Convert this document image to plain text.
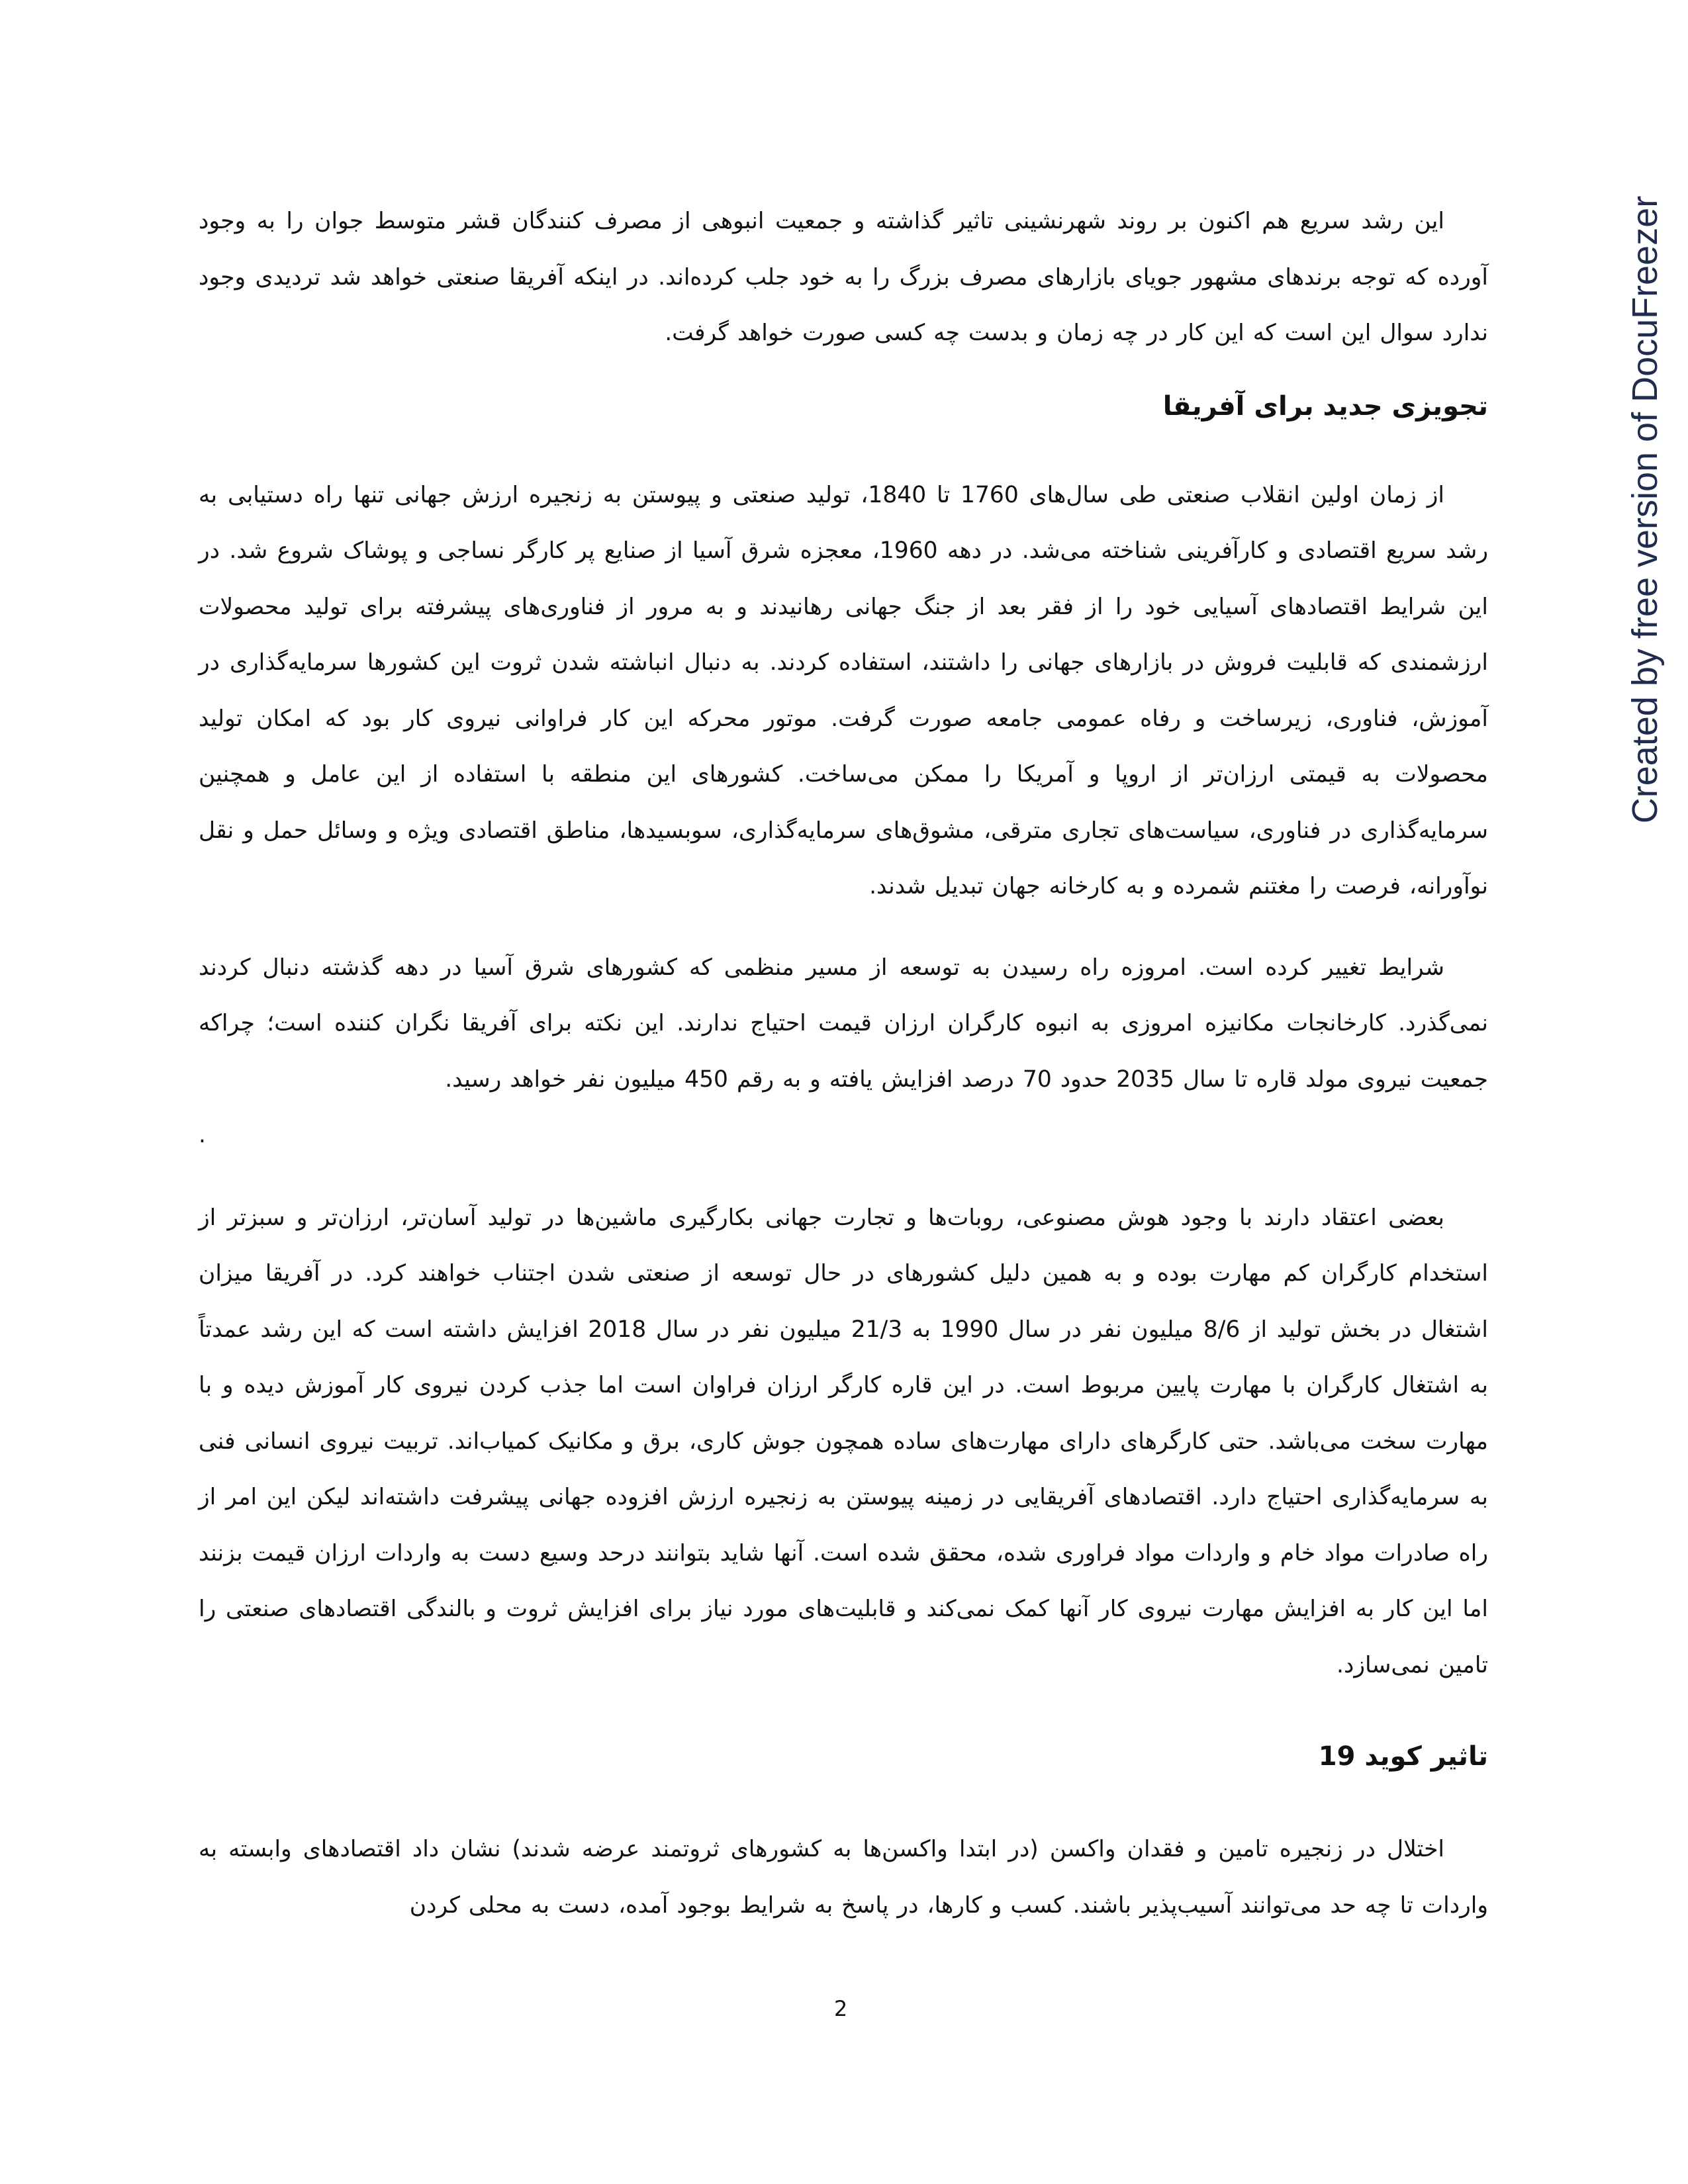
این رشد سریع هم اکنون بر روند شهرنشینی تاثیر گذاشته و جمعیت انبوهی از مصرف کنندگان قشر متوسط جوان را به وجود آورده که توجه برندهای مشهور جویای بازارهای مصرف بزرگ را به خود جلب کرده‌اند. در اینکه آفریقا صنعتی خواهد شد تردیدی وجود ندارد سوال این است که این کار در چه زمان و بدست چه کسی صورت خواهد گرفت.

تجویزی جدید برای آفریقا

از زمان اولین انقلاب صنعتی طی سال‌های 1760 تا 1840، تولید صنعتی و پیوستن به زنجیره ارزش جهانی تنها راه دستیابی به رشد سریع اقتصادی و کارآفرینی شناخته می‌شد. در دهه 1960، معجزه شرق آسیا از صنایع پر کارگر نساجی و پوشاک شروع شد. در این شرایط اقتصادهای آسیایی خود را از فقر بعد از جنگ جهانی رهانیدند و به مرور از فناوری‌های پیشرفته برای تولید محصولات ارزشمندی که قابلیت فروش در بازارهای جهانی را داشتند، استفاده کردند. به دنبال انباشته شدن ثروت این کشورها سرمایه‌گذاری در آموزش، فناوری، زیرساخت و رفاه عمومی جامعه صورت گرفت. موتور محرکه این کار فراوانی نیروی کار بود که امکان تولید محصولات به قیمتی ارزان‌تر از اروپا و آمریکا را ممکن می‌ساخت. کشورهای این منطقه با استفاده از این عامل و همچنین سرمایه‌گذاری در فناوری، سیاست‌های تجاری مترقی، مشوق‌های سرمایه‌گذاری، سوبسیدها، مناطق اقتصادی ویژه و وسائل حمل و نقل نوآورانه، فرصت را مغتنم شمرده و به کارخانه جهان تبدیل شدند.

شرایط تغییر کرده است. امروزه راه رسیدن به توسعه از مسیر منظمی که کشورهای شرق آسیا در دهه گذشته دنبال کردند نمی‌گذرد. کارخانجات مکانیزه امروزی به انبوه کارگران ارزان قیمت احتیاج ندارند. این نکته برای آفریقا نگران کننده است؛ چراکه جمعیت نیروی مولد قاره تا سال 2035 حدود 70 درصد افزایش یافته و به رقم 450 میلیون نفر خواهد رسید.

.

بعضی اعتقاد دارند با وجود هوش مصنوعی، روبات‌ها و تجارت جهانی بکارگیری ماشین‌ها در تولید آسان‌تر، ارزان‌تر و سبزتر از استخدام کارگران کم مهارت بوده و به همین دلیل کشورهای در حال توسعه از صنعتی شدن اجتناب خواهند کرد. در آفریقا میزان اشتغال در بخش تولید از 8/6 میلیون نفر در سال 1990 به 21/3 میلیون نفر در سال 2018 افزایش داشته است که این رشد عمدتاً به اشتغال کارگران با مهارت پایین مربوط است. در این قاره کارگر ارزان فراوان است اما جذب کردن نیروی کار آموزش دیده و با مهارت سخت می‌باشد. حتی کارگرهای دارای مهارت‌های ساده همچون جوش کاری، برق و مکانیک کمیاب‌اند. تربیت نیروی انسانی فنی به سرمایه‌گذاری احتیاج دارد. اقتصادهای آفریقایی در زمینه پیوستن به زنجیره ارزش افزوده جهانی پیشرفت داشته‌اند لیکن این امر از راه صادرات مواد خام و واردات مواد فراوری شده، محقق شده است. آنها شاید بتوانند درحد وسیع دست به واردات ارزان قیمت بزنند اما این کار به افزایش مهارت نیروی کار آنها کمک نمی‌کند و قابلیت‌های مورد نیاز برای افزایش ثروت و بالندگی اقتصادهای صنعتی را تامین نمی‌سازد.

تاثیر کوید 19

اختلال در زنجیره تامین و فقدان واکسن (در ابتدا واکسن‌ها به کشورهای ثروتمند عرضه شدند) نشان داد اقتصادهای وابسته به واردات تا چه حد می‌توانند آسیب‌پذیر باشند. کسب و کارها، در پاسخ به شرایط بوجود آمده، دست به محلی کردن

2
Created by free version of DocuFreezer
